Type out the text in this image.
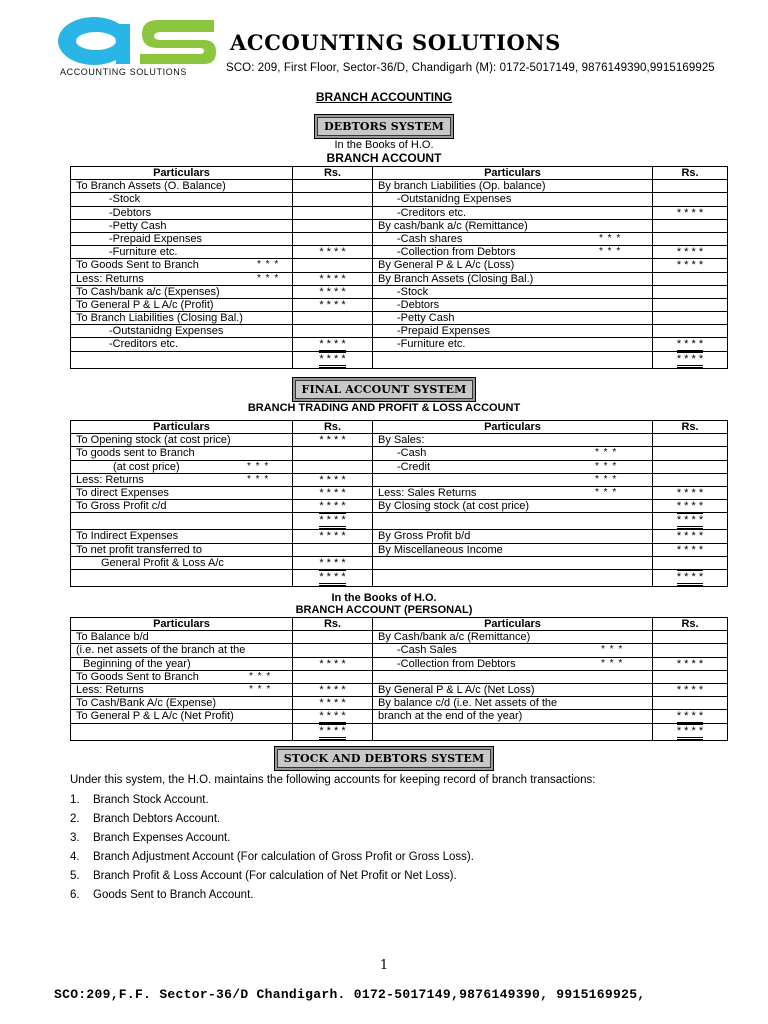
ACCOUNTING SOLUTIONS
ACCOUNTING SOLUTIONS
SCO: 209, First Floor, Sector-36/D, Chandigarh (M): 0172-5017149, 9876149390,9915169925
BRANCH ACCOUNTING
DEBTORS SYSTEM
In the Books of H.O.
BRANCH ACCOUNT
Particulars	Rs.	Particulars	Rs.
To Branch Assets (O. Balance)		By branch Liabilities (Op. balance)	
-Stock		-Outstanidng Expenses	
-Debtors		-Creditors etc.	* * * *
-Petty Cash		By cash/bank a/c (Remittance)	
-Prepaid Expenses		-Cash shares * * *	

-Furniture etc.	* * * *	-Collection from Debtors * * *	* * * *
To Goods Sent to Branch * * *		By General P & L A/c (Loss)	* * * *
Less: Returns * * *	* * * *	By Branch Assets (Closing Bal.)	
To Cash/bank a/c (Expenses)	* * * *	-Stock	
To General P & L A/c (Profit)	* * * *	-Debtors	
To Branch Liabilities (Closing Bal.)		-Petty Cash	
-Outstanidng Expenses		-Prepaid Expenses	
-Creditors etc.	* * * *	-Furniture etc.	* * * *
	* * * *		* * * *
FINAL ACCOUNT SYSTEM
BRANCH TRADING AND PROFIT & LOSS ACCOUNT
Particulars	Rs.	Particulars	Rs.
To Opening stock (at cost price)	* * * *	By Sales:	
To goods sent to Branch		-Cash * * *	

(at cost price) * * *		-Credit * * *	

Less: Returns * * *	* * * *	* * *	

To direct Expenses	* * * *	Less: Sales Returns * * *	* * * *
To Gross Profit c/d	* * * *	By Closing stock (at cost price)	* * * *
	* * * *		* * * *
To Indirect Expenses	* * * *	By Gross Profit b/d	* * * *
To net profit transferred to		By Miscellaneous Income	* * * *
General Profit & Loss A/c	* * * *		
	* * * *		* * * *
In the Books of H.O.
BRANCH ACCOUNT (PERSONAL)
Particulars	Rs.	Particulars	Rs.
To Balance b/d		By Cash/bank a/c (Remittance)	
(i.e. net assets of the branch at the		-Cash Sales * * *	

Beginning of the year)	* * * *	-Collection from Debtors * * *	* * * *
To Goods Sent to Branch * * *			

Less: Returns * * *	* * * *	By General P & L A/c (Net Loss)	* * * *
To Cash/Bank A/c (Expense)	* * * *	By balance c/d (i.e. Net assets of the	
To General P & L A/c (Net Profit)	* * * *	branch at the end of the year)	* * * *
	* * * *		* * * *
STOCK AND DEBTORS SYSTEM
Under this system, the H.O. maintains the following accounts for keeping record of branch transactions:
1. Branch Stock Account.
2. Branch Debtors Account.
3. Branch Expenses Account.
4. Branch Adjustment Account (For calculation of Gross Profit or Gross Loss).
5. Branch Profit & Loss Account (For calculation of Net Profit or Net Loss).
6. Goods Sent to Branch Account.
1
SCO:209,F.F. Sector-36/D Chandigarh. 0172-5017149,9876149390, 9915169925,
